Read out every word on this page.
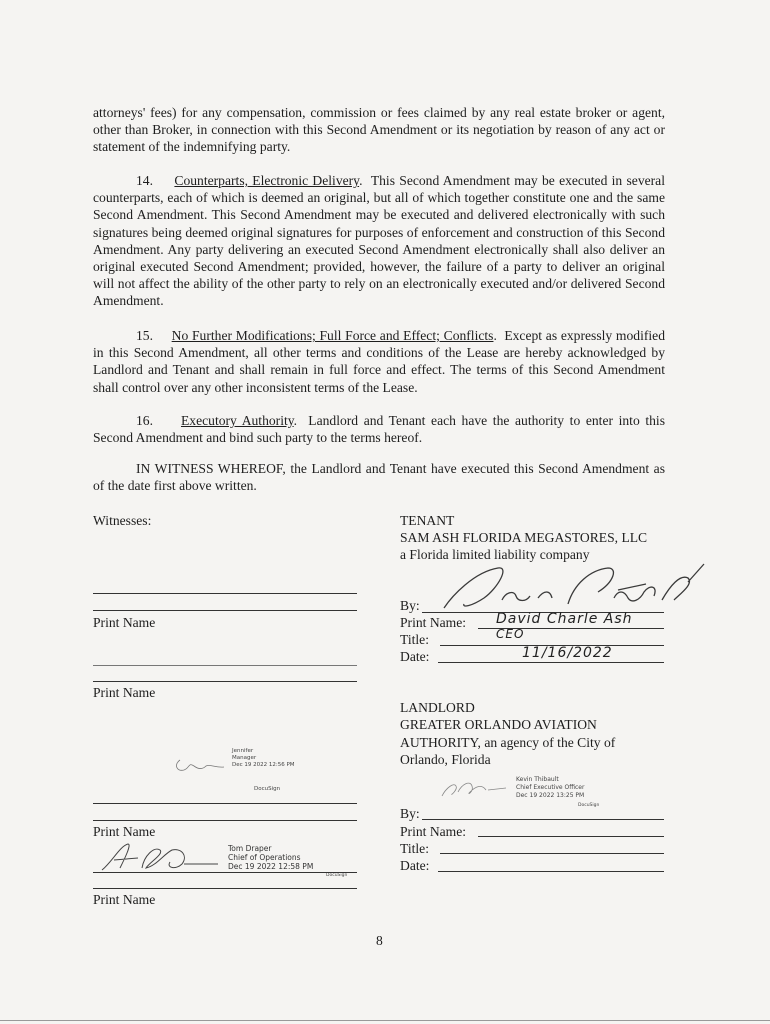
attorneys' fees) for any compensation, commission or fees claimed by any real estate broker or agent, other than Broker, in connection with this Second Amendment or its negotiation by reason of any act or statement of the indemnifying party.

14. Counterparts, Electronic Delivery.  This Second Amendment may be executed in several counterparts, each of which is deemed an original, but all of which together constitute one and the same Second Amendment. This Second Amendment may be executed and delivered electronically with such signatures being deemed original signatures for purposes of enforcement and construction of this Second Amendment. Any party delivering an executed Second Amendment electronically shall also deliver an original executed Second Amendment; provided, however, the failure of a party to deliver an original will not affect the ability of the other party to rely on an electronically executed and/or delivered Second Amendment.

15. No Further Modifications; Full Force and Effect; Conflicts.  Except as expressly modified in this Second Amendment, all other terms and conditions of the Lease are hereby acknowledged by Landlord and Tenant and shall remain in full force and effect. The terms of this Second Amendment shall control over any other inconsistent terms of the Lease.

16. Executory Authority.  Landlord and Tenant each have the authority to enter into this Second Amendment and bind such party to the terms hereof.

IN WITNESS WHEREOF, the Landlord and Tenant have executed this Second Amendment as of the date first above written.

Witnesses:
Print Name
Print Name
Jennifer
Manager
Dec 19 2022 12:56 PM
DocuSign
Print Name
Tom Draper
Chief of Operations
Dec 19 2022 12:58 PM
DocuSign
Print Name
TENANT
SAM ASH FLORIDA MEGASTORES, LLC
a Florida limited liability company
By:
Print Name: David Charle Ash
Title:	CEO
Date:	11/16/2022
LANDLORD
GREATER ORLANDO AVIATION
AUTHORITY, an agency of the City of
Orlando, Florida
Kevin Thibault
Chief Executive Officer
Dec 19 2022 13:25 PM
DocuSign
By:
Print Name:
Title:
Date:
8
